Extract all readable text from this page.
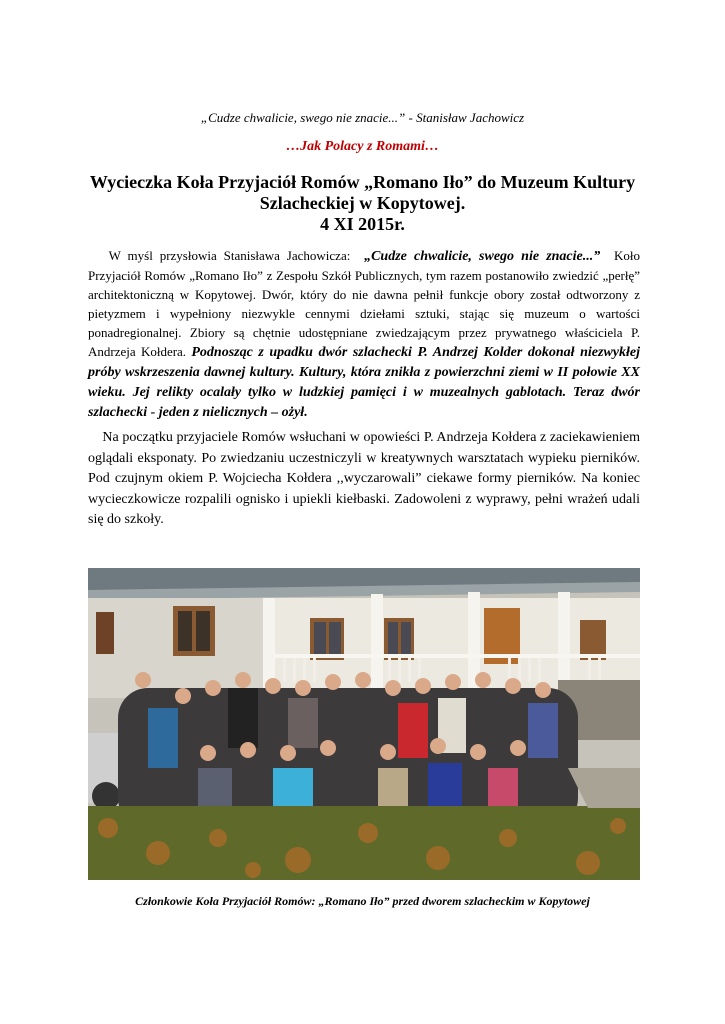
„Cudze chwalicie, swego nie znacie...” - Stanisław Jachowicz
…Jak Polacy z Romami…
Wycieczka Koła Przyjaciół Romów „Romano Iło” do Muzeum Kultury
Szlacheckiej w Kopytowej.
4 XI 2015r.
W myśl przysłowia Stanisława Jachowicza: „Cudze chwalicie, swego nie znacie...” Koło Przyjaciół Romów „Romano Iło” z Zespołu Szkół Publicznych, tym razem postanowiło zwiedzić „perłę” architektoniczną w Kopytowej. Dwór, który do nie dawna pełnił funkcje obory został odtworzony z pietyzmem i wypełniony niezwykle cennymi dziełami sztuki, stając się muzeum o wartości ponadregionalnej. Zbiory są chętnie udostępniane zwiedzającym przez prywatnego właściciela P. Andrzeja Kołdera. Podnosząc z upadku dwór szlachecki P. Andrzej Kolder dokonał niezwykłej próby wskrzeszenia dawnej kultury. Kultury, która znikła z powierzchni ziemi w II połowie XX wieku. Jej relikty ocalały tylko w ludzkiej pamięci i w muzealnych gablotach. Teraz dwór szlachecki - jeden z nielicznych – ożył.
Na początku przyjaciele Romów wsłuchani w opowieści P. Andrzeja Kołdera z zaciekawieniem oglądali eksponaty. Po zwiedzaniu uczestniczyli w kreatywnych warsztatach wypieku pierników. Pod czujnym okiem P. Wojciecha Kołdera ,,wyczarowali” ciekawe formy pierników. Na koniec wycieczkowicze rozpalili ognisko i upiekli kiełbaski. Zadowoleni z wyprawy, pełni wrażeń udali się do szkoły.
Członkowie Koła Przyjaciół Romów: „Romano Iło” przed dworem szlacheckim w Kopytowej
